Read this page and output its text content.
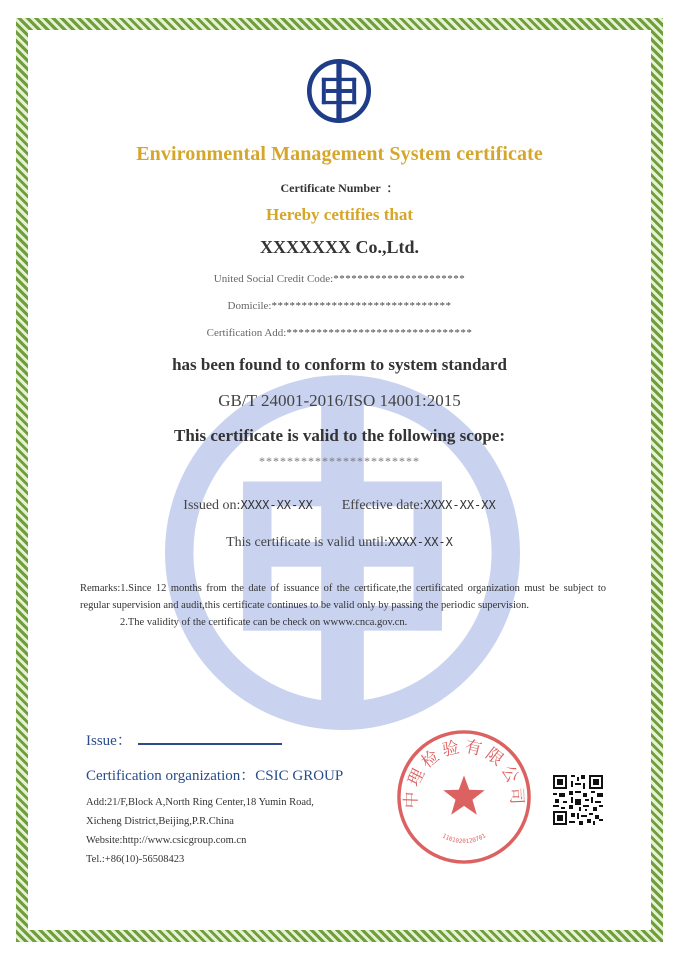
Environmental Management System certificate
Certificate Number  ：
Hereby cettifies that
XXXXXXX Co.,Ltd.
United Social Credit Code:**********************
Domicile:******************************
Certification Add:*******************************
has been found to conform to system standard
GB/T 24001-2016/ISO 14001:2015
This certificate is valid to the following scope:
***********************
Issued on:XXXX-XX-XX Effective date:XXXX-XX-XX
This certificate is valid until:XXXX-XX-X
Remarks:1.Since 12 months from the date of issuance of the certificate,the certificated organization must be subject to regular supervision and audit,this certificate continues to be valid only by passing the periodic supervision.
2.The validity of the certificate can be check on wwww.cnca.gov.cn.
Issue：
Certification organization：CSIC GROUP
Add:21/F,Block A,North Ring Center,18 Yumin Road,
Xicheng District,Beijing,P.R.China
Website:http://www.csicgroup.com.cn
Tel.:+86(10)-56508423
中理检验有限公司
1101020120701
